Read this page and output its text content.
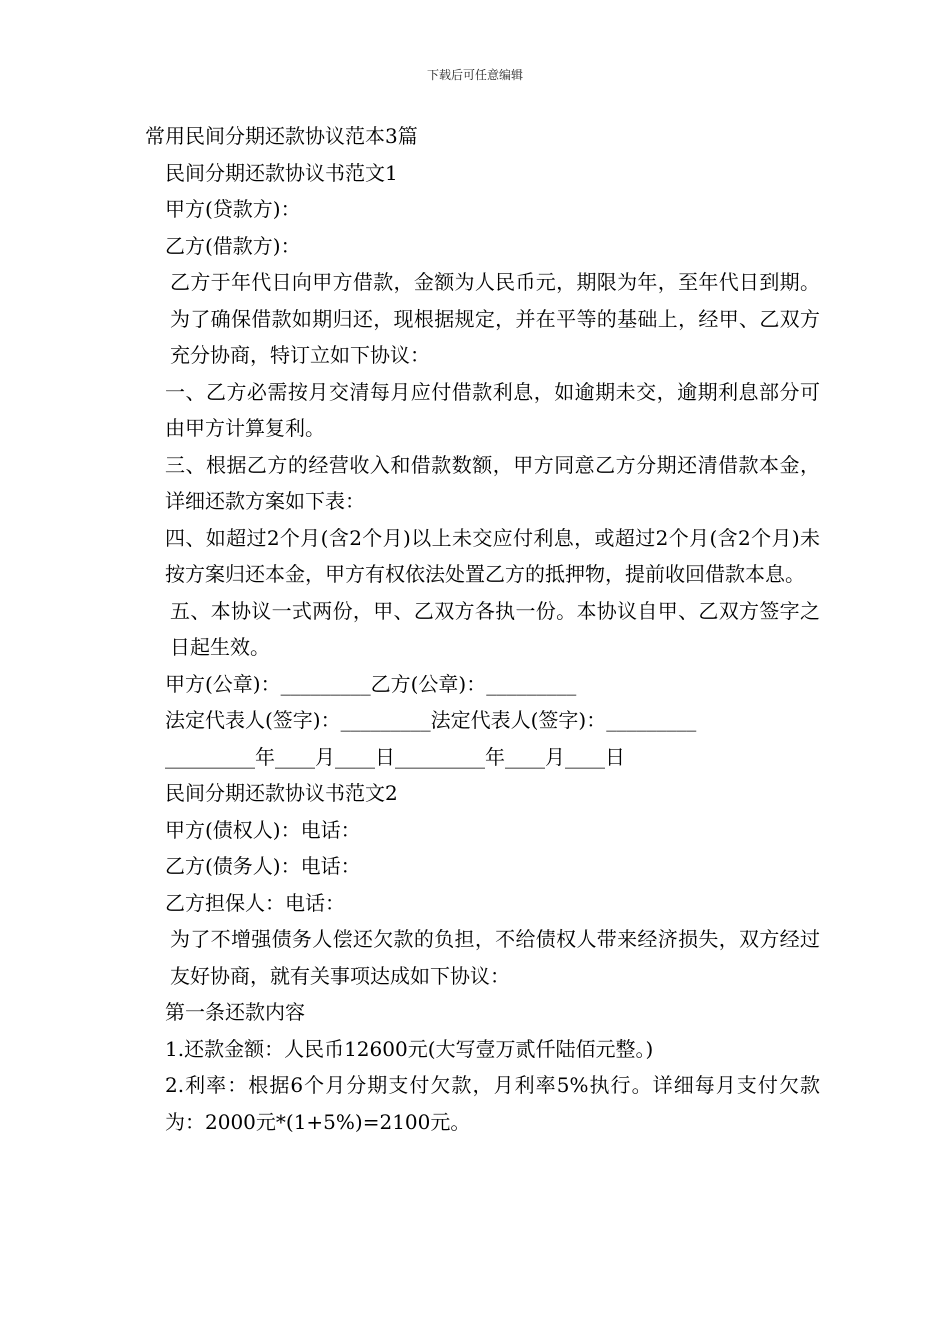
下载后可任意编辑
常用民间分期还款协议范本3篇
民间分期还款协议书范文1
甲方(贷款方)：
乙方(借款方)：
乙方于年代日向甲方借款，金额为人民币元，期限为年，至年代日到期。为了确保借款如期归还，现根据规定，并在平等的基础上，经甲、乙双方充分协商，特订立如下协议：
一、乙方必需按月交清每月应付借款利息，如逾期未交，逾期利息部分可由甲方计算复利。
三、根据乙方的经营收入和借款数额，甲方同意乙方分期还清借款本金，详细还款方案如下表：
四、如超过2个月(含2个月)以上未交应付利息，或超过2个月(含2个月)未按方案归还本金，甲方有权依法处置乙方的抵押物，提前收回借款本息。
五、本协议一式两份，甲、乙双方各执一份。本协议自甲、乙双方签字之日起生效。
甲方(公章)：_________乙方(公章)：_________
法定代表人(签字)：_________法定代表人(签字)：_________
_________年____月____日_________年____月____日
民间分期还款协议书范文2
甲方(债权人)：电话：
乙方(债务人)：电话：
乙方担保人：电话：
为了不增强债务人偿还欠款的负担，不给债权人带来经济损失，双方经过友好协商，就有关事项达成如下协议：
第一条还款内容
1.还款金额：人民币12600元(大写壹万贰仟陆佰元整。)
2.利率：根据6个月分期支付欠款，月利率5%执行。详细每月支付欠款为：2000元*(1+5%)=2100元。
